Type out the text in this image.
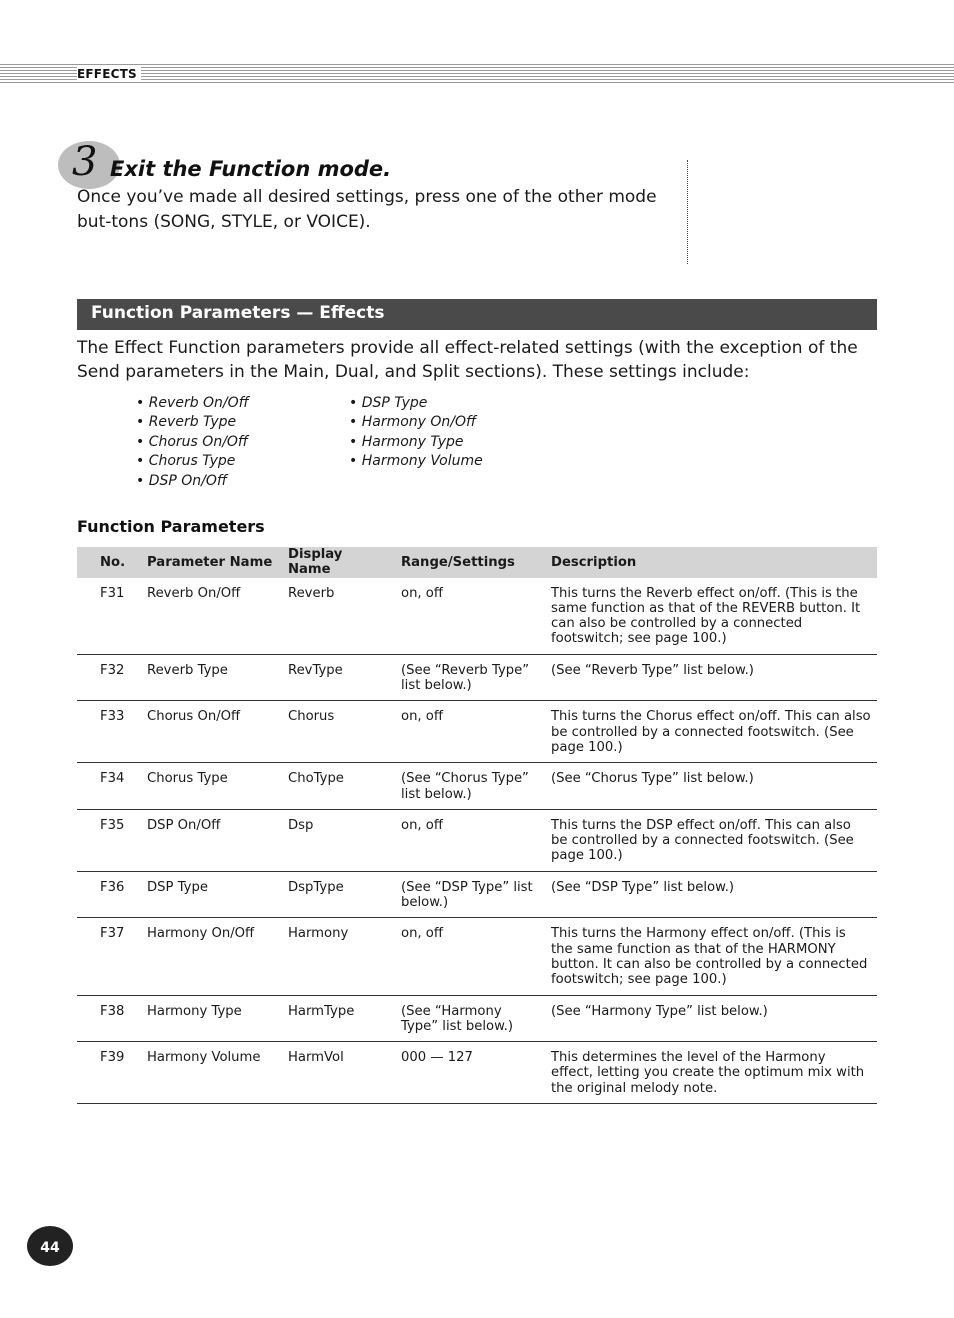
EFFECTS
3 Exit the Function mode.
Once you’ve made all desired settings, press one of the other mode but-tons (SONG, STYLE, or VOICE).
Function Parameters — Effects
The Effect Function parameters provide all effect-related settings (with the exception of the Send parameters in the Main, Dual, and Split sections). These settings include:
• Reverb On/Off
• Reverb Type
• Chorus On/Off
• Chorus Type
• DSP On/Off
• DSP Type
• Harmony On/Off
• Harmony Type
• Harmony Volume
Function Parameters
No.	Parameter Name	Display Name	Range/Settings	Description
F31	Reverb On/Off	Reverb	on, off	This turns the Reverb effect on/off. (This is the same function as that of the REVERB button. It can also be controlled by a connected footswitch; see page 100.)
F32	Reverb Type	RevType	(See “Reverb Type” list below.)	(See “Reverb Type” list below.)
F33	Chorus On/Off	Chorus	on, off	This turns the Chorus effect on/off. This can also be controlled by a connected footswitch. (See page 100.)
F34	Chorus Type	ChoType	(See “Chorus Type” list below.)	(See “Chorus Type” list below.)
F35	DSP On/Off	Dsp	on, off	This turns the DSP effect on/off. This can also be controlled by a connected footswitch. (See page 100.)
F36	DSP Type	DspType	(See “DSP Type” list below.)	(See “DSP Type” list below.)
F37	Harmony On/Off	Harmony	on, off	This turns the Harmony effect on/off. (This is the same function as that of the HARMONY button. It can also be controlled by a connected footswitch; see page 100.)
F38	Harmony Type	HarmType	(See “Harmony Type” list below.)	(See “Harmony Type” list below.)
F39	Harmony Volume	HarmVol	000 — 127	This determines the level of the Harmony effect, letting you create the optimum mix with the original melody note.
44
